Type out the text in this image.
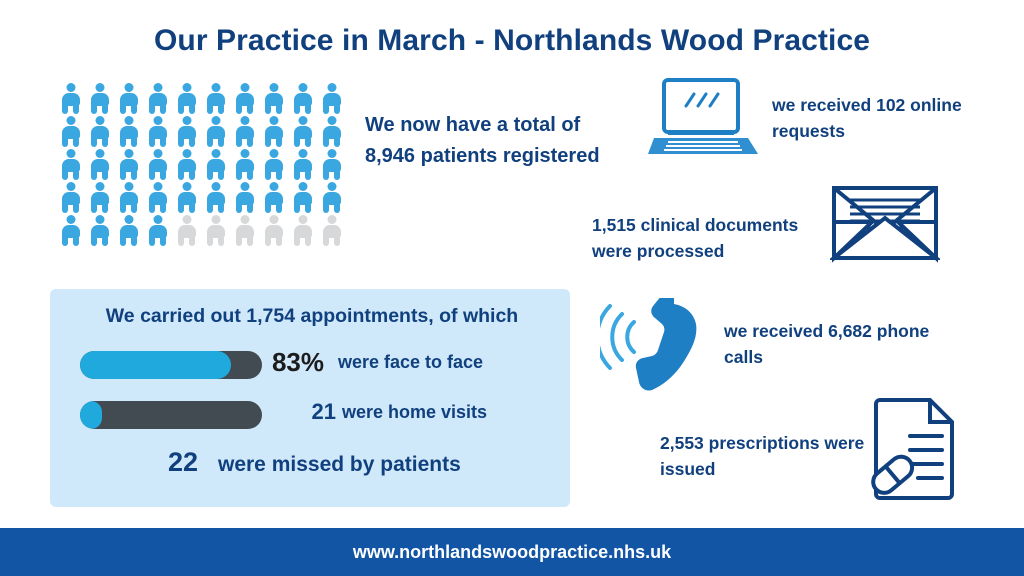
Our Practice in March - Northlands Wood Practice
We now have a total of 8,946 patients registered
We carried out 1,754 appointments, of which
83% were face to face
21 were home visits
22 were missed by patients
we received 102 online requests
1,515 clinical documents were processed
we received 6,682 phone calls
2,553 prescriptions were issued
www.northlandswoodpractice.nhs.uk
